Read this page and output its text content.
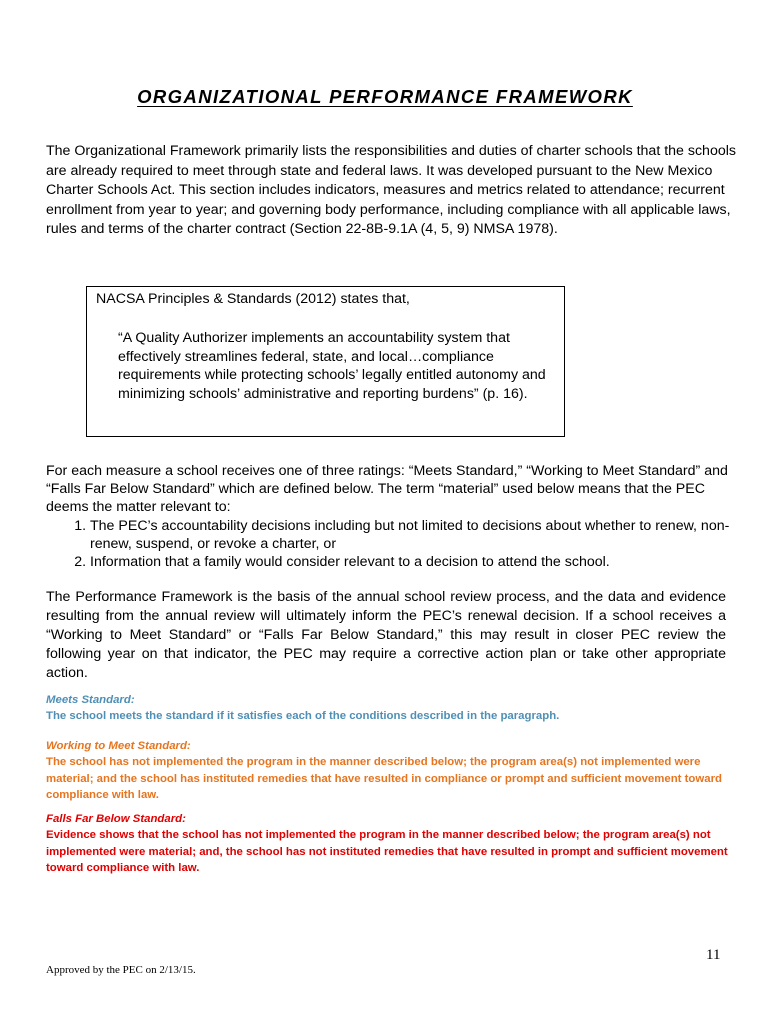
ORGANIZATIONAL PERFORMANCE FRAMEWORK
The Organizational Framework primarily lists the responsibilities and duties of charter schools that the schools are already required to meet through state and federal laws. It was developed pursuant to the New Mexico Charter Schools Act. This section includes indicators, measures and metrics related to attendance; recurrent enrollment from year to year; and governing body performance, including compliance with all applicable laws, rules and terms of the charter contract (Section 22-8B-9.1A (4, 5, 9) NMSA 1978).
NACSA Principles & Standards (2012) states that,
“A Quality Authorizer implements an accountability system that effectively streamlines federal, state, and local…compliance requirements while protecting schools’ legally entitled autonomy and minimizing schools’ administrative and reporting burdens” (p. 16).
For each measure a school receives one of three ratings: “Meets Standard,” “Working to Meet Standard” and “Falls Far Below Standard” which are defined below. The term “material” used below means that the PEC deems the matter relevant to:
1. The PEC’s accountability decisions including but not limited to decisions about whether to renew, non-renew, suspend, or revoke a charter, or
2. Information that a family would consider relevant to a decision to attend the school.
The Performance Framework is the basis of the annual school review process, and the data and evidence resulting from the annual review will ultimately inform the PEC’s renewal decision. If a school receives a “Working to Meet Standard” or “Falls Far Below Standard,” this may result in closer PEC review the following year on that indicator, the PEC may require a corrective action plan or take other appropriate action.
Meets Standard:
The school meets the standard if it satisfies each of the conditions described in the paragraph.
Working to Meet Standard:
The school has not implemented the program in the manner described below; the program area(s) not implemented were material; and the school has instituted remedies that have resulted in compliance or prompt and sufficient movement toward compliance with law.
Falls Far Below Standard:
Evidence shows that the school has not implemented the program in the manner described below; the program area(s) not implemented were material; and, the school has not instituted remedies that have resulted in prompt and sufficient movement toward compliance with law.
11
Approved by the PEC on 2/13/15.
